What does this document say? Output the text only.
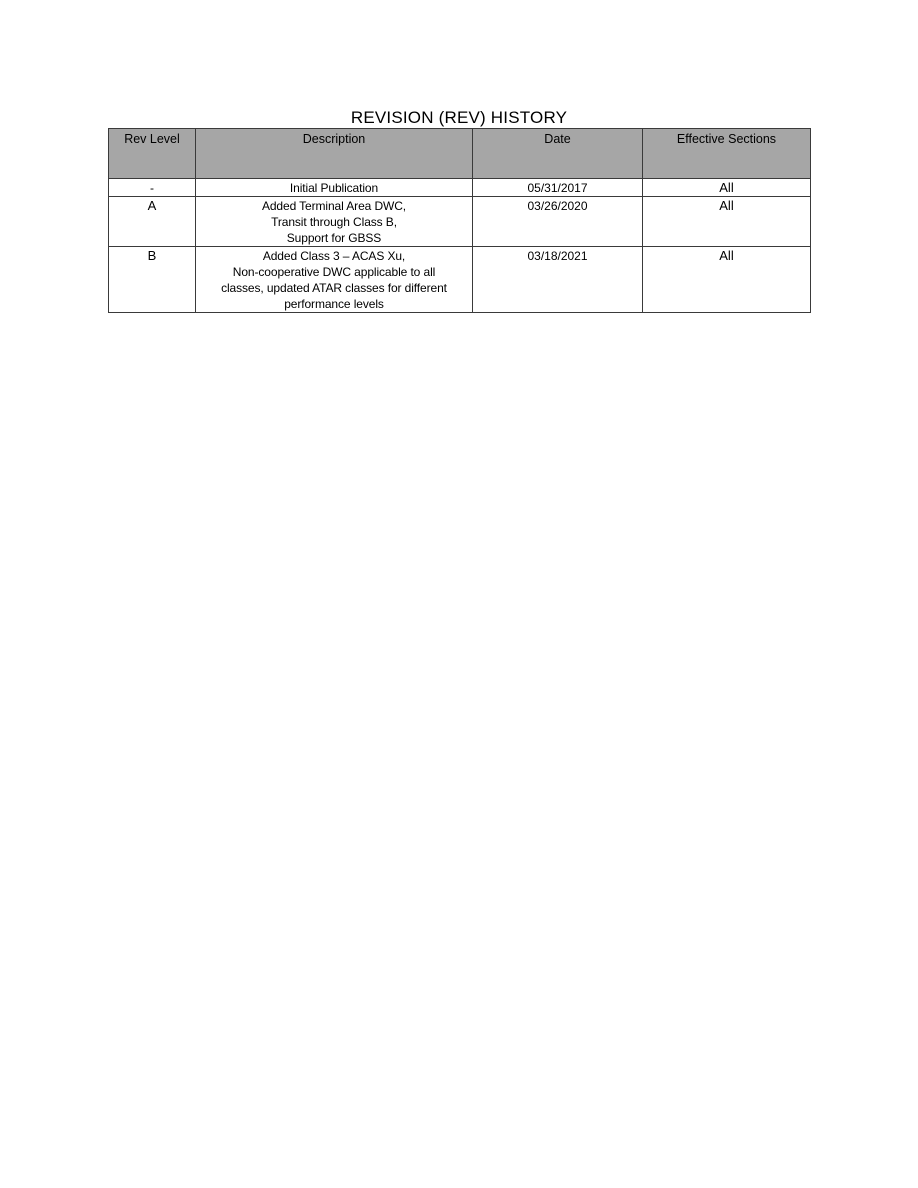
REVISION (REV) HISTORY
Rev Level	Description	Date	Effective Sections
-	Initial Publication	05/31/2017	All
A	Added Terminal Area DWC,
Transit through Class B,
Support for GBSS	03/26/2020	All
B	Added Class 3 – ACAS Xu,
Non-cooperative DWC applicable to all
classes, updated ATAR classes for different
performance levels	03/18/2021	All
